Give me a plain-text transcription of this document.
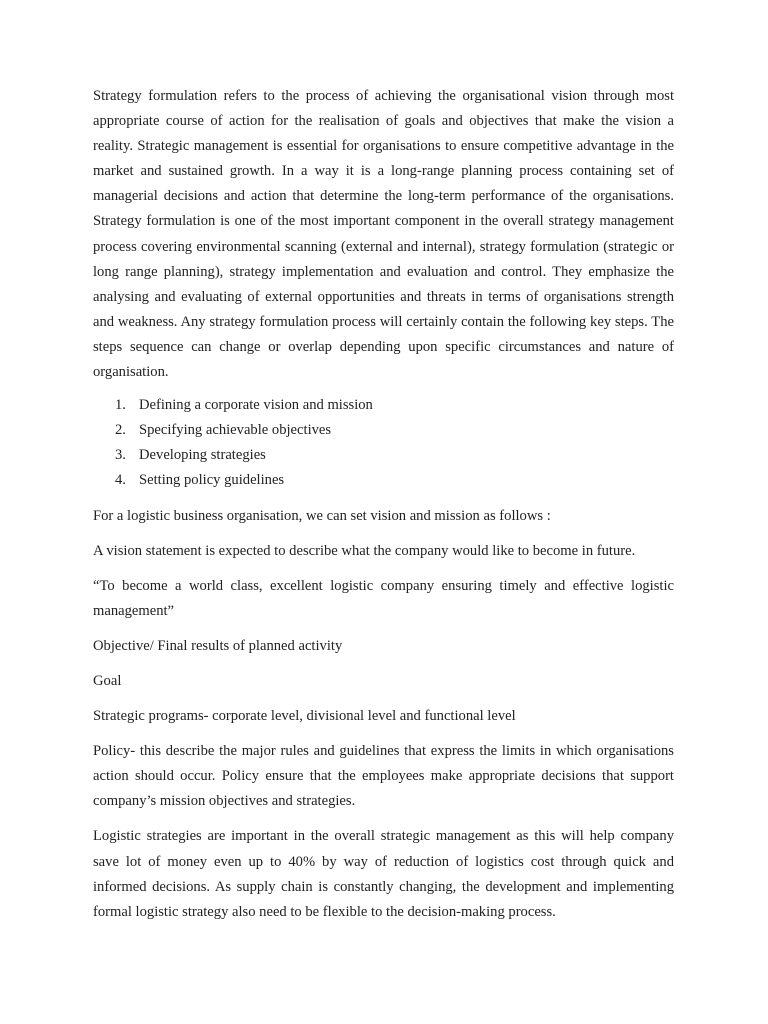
Strategy formulation refers to the process of achieving the organisational vision through most appropriate course of action for the realisation of goals and objectives that make the vision a reality. Strategic management is essential for organisations to ensure competitive advantage in the market and sustained growth. In a way it is a long-range planning process containing set of managerial decisions and action that determine the long-term performance of the organisations. Strategy formulation is one of the most important component in the overall strategy management process covering environmental scanning (external and internal), strategy formulation (strategic or long range planning), strategy implementation and evaluation and control. They emphasize the analysing and evaluating of external opportunities and threats in terms of organisations strength and weakness. Any strategy formulation process will certainly contain the following key steps. The steps sequence can change or overlap depending upon specific circumstances and nature of organisation.

1. Defining a corporate vision and mission
2. Specifying achievable objectives
3. Developing strategies
4. Setting policy guidelines

For a logistic business organisation, we can set vision and mission as follows :

A vision statement is expected to describe what the company would like to become in future.

“To become a world class, excellent logistic company ensuring timely and effective logistic management”

Objective/ Final results of planned activity

Goal

Strategic programs- corporate level, divisional level and functional level

Policy- this describe the major rules and guidelines that express the limits in which organisations action should occur. Policy ensure that the employees make appropriate decisions that support company’s mission objectives and strategies.

Logistic strategies are important in the overall strategic management as this will help company save lot of money even up to 40% by way of reduction of logistics cost through quick and informed decisions. As supply chain is constantly changing, the development and implementing formal logistic strategy also need to be flexible to the decision-making process.
